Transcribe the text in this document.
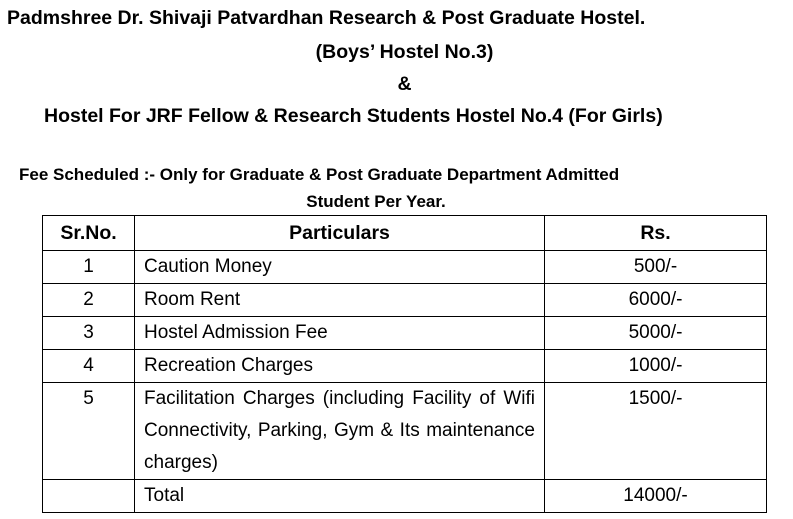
Padmshree Dr. Shivaji Patvardhan Research & Post Graduate Hostel.
(Boys’ Hostel No.3)
&
Hostel For JRF Fellow & Research Students Hostel No.4 (For Girls)
Fee Scheduled :- Only for Graduate & Post Graduate Department Admitted
Student Per Year.
Sr.No.	Particulars	Rs.
1	Caution Money	500/-
2	Room Rent	6000/-
3	Hostel Admission Fee	5000/-
4	Recreation Charges	1000/-
5	Facilitation Charges (including Facility of Wifi Connectivity, Parking, Gym & Its maintenance charges)	1500/-
	Total	14000/-
